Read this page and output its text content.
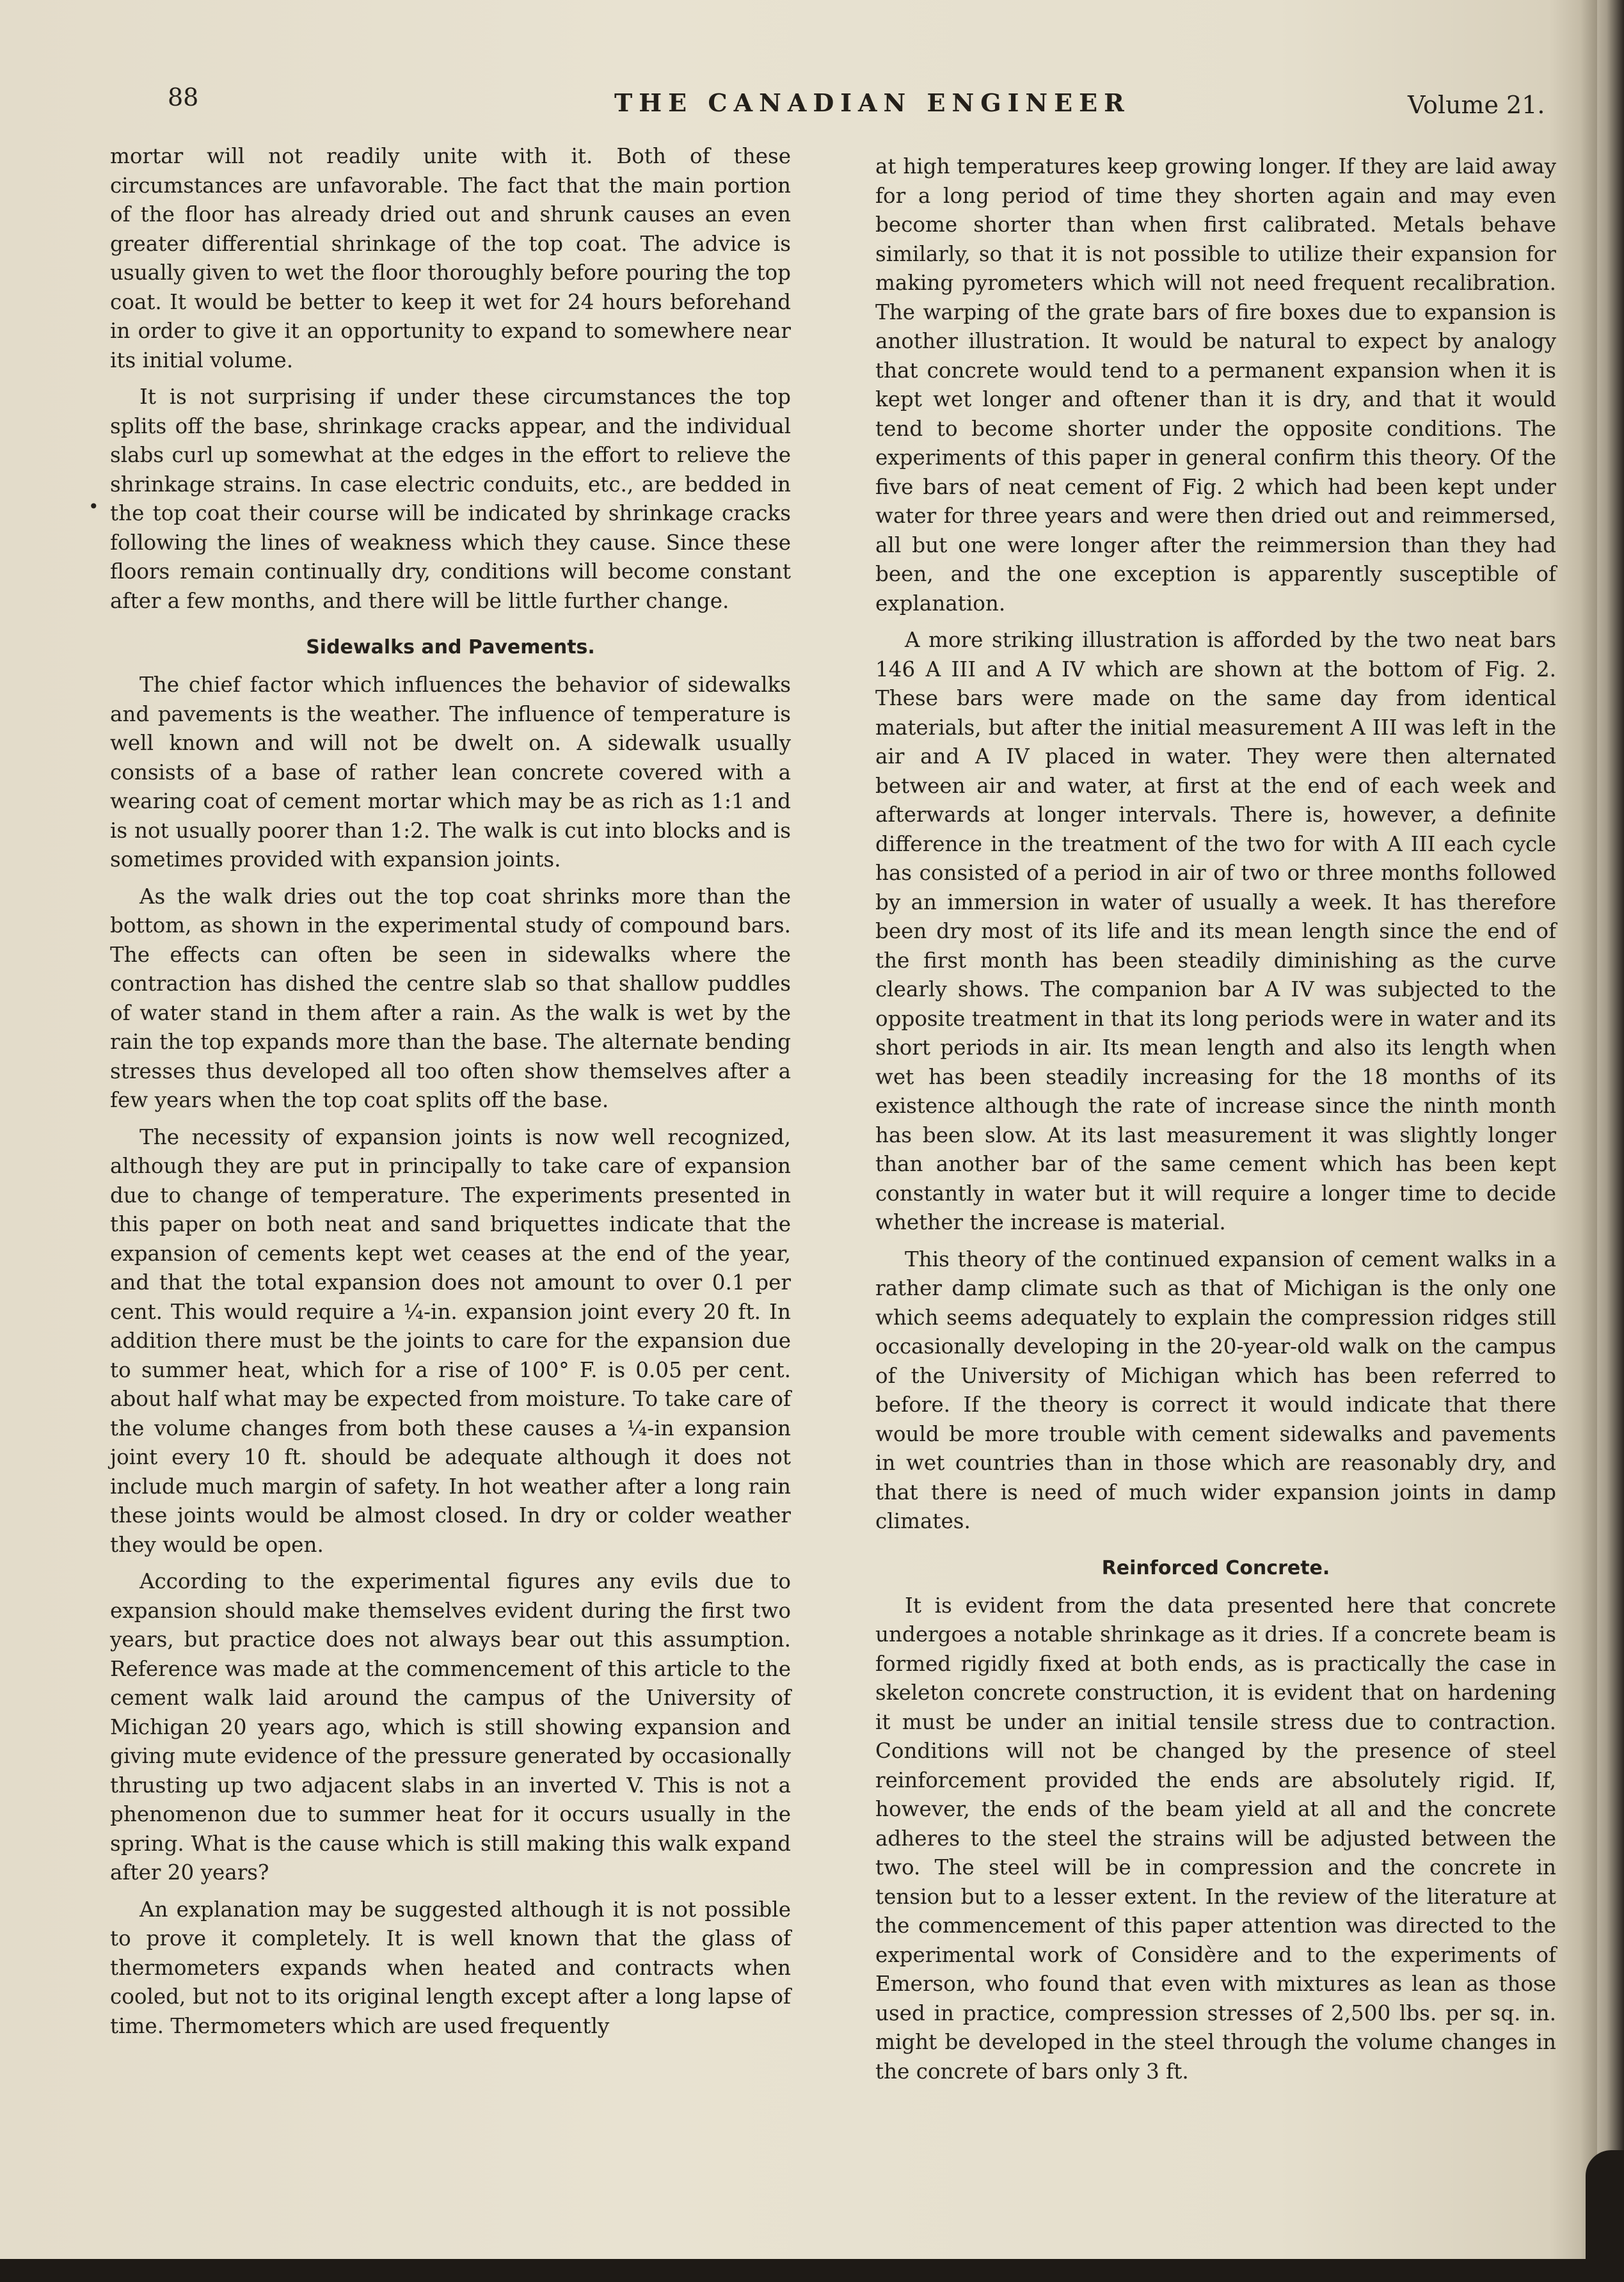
88	THE CANADIAN ENGINEER	Volume 21.
•

mortar will not readily unite with it. Both of these circumstances are unfavorable. The fact that the main portion of the floor has already dried out and shrunk causes an even greater differential shrinkage of the top coat. The advice is usually given to wet the floor thoroughly before pouring the top coat. It would be better to keep it wet for 24 hours beforehand in order to give it an opportunity to expand to somewhere near its initial volume.

It is not surprising if under these circumstances the top splits off the base, shrinkage cracks appear, and the individual slabs curl up somewhat at the edges in the effort to relieve the shrinkage strains. In case electric conduits, etc., are bedded in the top coat their course will be indicated by shrinkage cracks following the lines of weakness which they cause. Since these floors remain continually dry, conditions will become constant after a few months, and there will be little further change.

Sidewalks and Pavements.

The chief factor which influences the behavior of sidewalks and pavements is the weather. The influence of temperature is well known and will not be dwelt on. A sidewalk usually consists of a base of rather lean concrete covered with a wearing coat of cement mortar which may be as rich as 1:1 and is not usually poorer than 1:2. The walk is cut into blocks and is sometimes provided with expansion joints.

As the walk dries out the top coat shrinks more than the bottom, as shown in the experimental study of compound bars. The effects can often be seen in sidewalks where the contraction has dished the centre slab so that shallow puddles of water stand in them after a rain. As the walk is wet by the rain the top expands more than the base. The alternate bending stresses thus developed all too often show themselves after a few years when the top coat splits off the base.

The necessity of expansion joints is now well recognized, although they are put in principally to take care of expansion due to change of temperature. The experiments presented in this paper on both neat and sand briquettes indicate that the expansion of cements kept wet ceases at the end of the year, and that the total expansion does not amount to over 0.1 per cent. This would require a ¼-in. expansion joint every 20 ft. In addition there must be the joints to care for the expansion due to summer heat, which for a rise of 100° F. is 0.05 per cent. about half what may be expected from moisture. To take care of the volume changes from both these causes a ¼-in expansion joint every 10 ft. should be adequate although it does not include much margin of safety. In hot weather after a long rain these joints would be almost closed. In dry or colder weather they would be open.

According to the experimental figures any evils due to expansion should make themselves evident during the first two years, but practice does not always bear out this assumption. Reference was made at the commencement of this article to the cement walk laid around the campus of the University of Michigan 20 years ago, which is still showing expansion and giving mute evidence of the pressure generated by occasionally thrusting up two adjacent slabs in an inverted V. This is not a phenomenon due to summer heat for it occurs usually in the spring. What is the cause which is still making this walk expand after 20 years?

An explanation may be suggested although it is not possible to prove it completely. It is well known that the glass of thermometers expands when heated and contracts when cooled, but not to its original length except after a long lapse of time. Thermometers which are used frequently

at high temperatures keep growing longer. If they are laid away for a long period of time they shorten again and may even become shorter than when first calibrated. Metals behave similarly, so that it is not possible to utilize their expansion for making pyrometers which will not need frequent recalibration. The warping of the grate bars of fire boxes due to expansion is another illustration. It would be natural to expect by analogy that concrete would tend to a permanent expansion when it is kept wet longer and oftener than it is dry, and that it would tend to become shorter under the opposite conditions. The experiments of this paper in general confirm this theory. Of the five bars of neat cement of Fig. 2 which had been kept under water for three years and were then dried out and reimmersed, all but one were longer after the reimmersion than they had been, and the one exception is apparently susceptible of explanation.

A more striking illustration is afforded by the two neat bars 146 A III and A IV which are shown at the bottom of Fig. 2. These bars were made on the same day from identical materials, but after the initial measurement A III was left in the air and A IV placed in water. They were then alternated between air and water, at first at the end of each week and afterwards at longer intervals. There is, however, a definite difference in the treatment of the two for with A III each cycle has consisted of a period in air of two or three months followed by an immersion in water of usually a week. It has therefore been dry most of its life and its mean length since the end of the first month has been steadily diminishing as the curve clearly shows. The companion bar A IV was subjected to the opposite treatment in that its long periods were in water and its short periods in air. Its mean length and also its length when wet has been steadily increasing for the 18 months of its existence although the rate of increase since the ninth month has been slow. At its last measurement it was slightly longer than another bar of the same cement which has been kept constantly in water but it will require a longer time to decide whether the increase is material.

This theory of the continued expansion of cement walks in a rather damp climate such as that of Michigan is the only one which seems adequately to explain the compression ridges still occasionally developing in the 20-year-old walk on the campus of the University of Michigan which has been referred to before. If the theory is correct it would indicate that there would be more trouble with cement sidewalks and pavements in wet countries than in those which are reasonably dry, and that there is need of much wider expansion joints in damp climates.

Reinforced Concrete.

It is evident from the data presented here that concrete undergoes a notable shrinkage as it dries. If a concrete beam is formed rigidly fixed at both ends, as is practically the case in skeleton concrete construction, it is evident that on hardening it must be under an initial tensile stress due to contraction. Conditions will not be changed by the presence of steel reinforcement provided the ends are absolutely rigid. If, however, the ends of the beam yield at all and the concrete adheres to the steel the strains will be adjusted between the two. The steel will be in compression and the concrete in tension but to a lesser extent. In the review of the literature at the commencement of this paper attention was directed to the experimental work of Considère and to the experiments of Emerson, who found that even with mixtures as lean as those used in practice, compression stresses of 2,500 lbs. per sq. in. might be developed in the steel through the volume changes in the concrete of bars only 3 ft.
